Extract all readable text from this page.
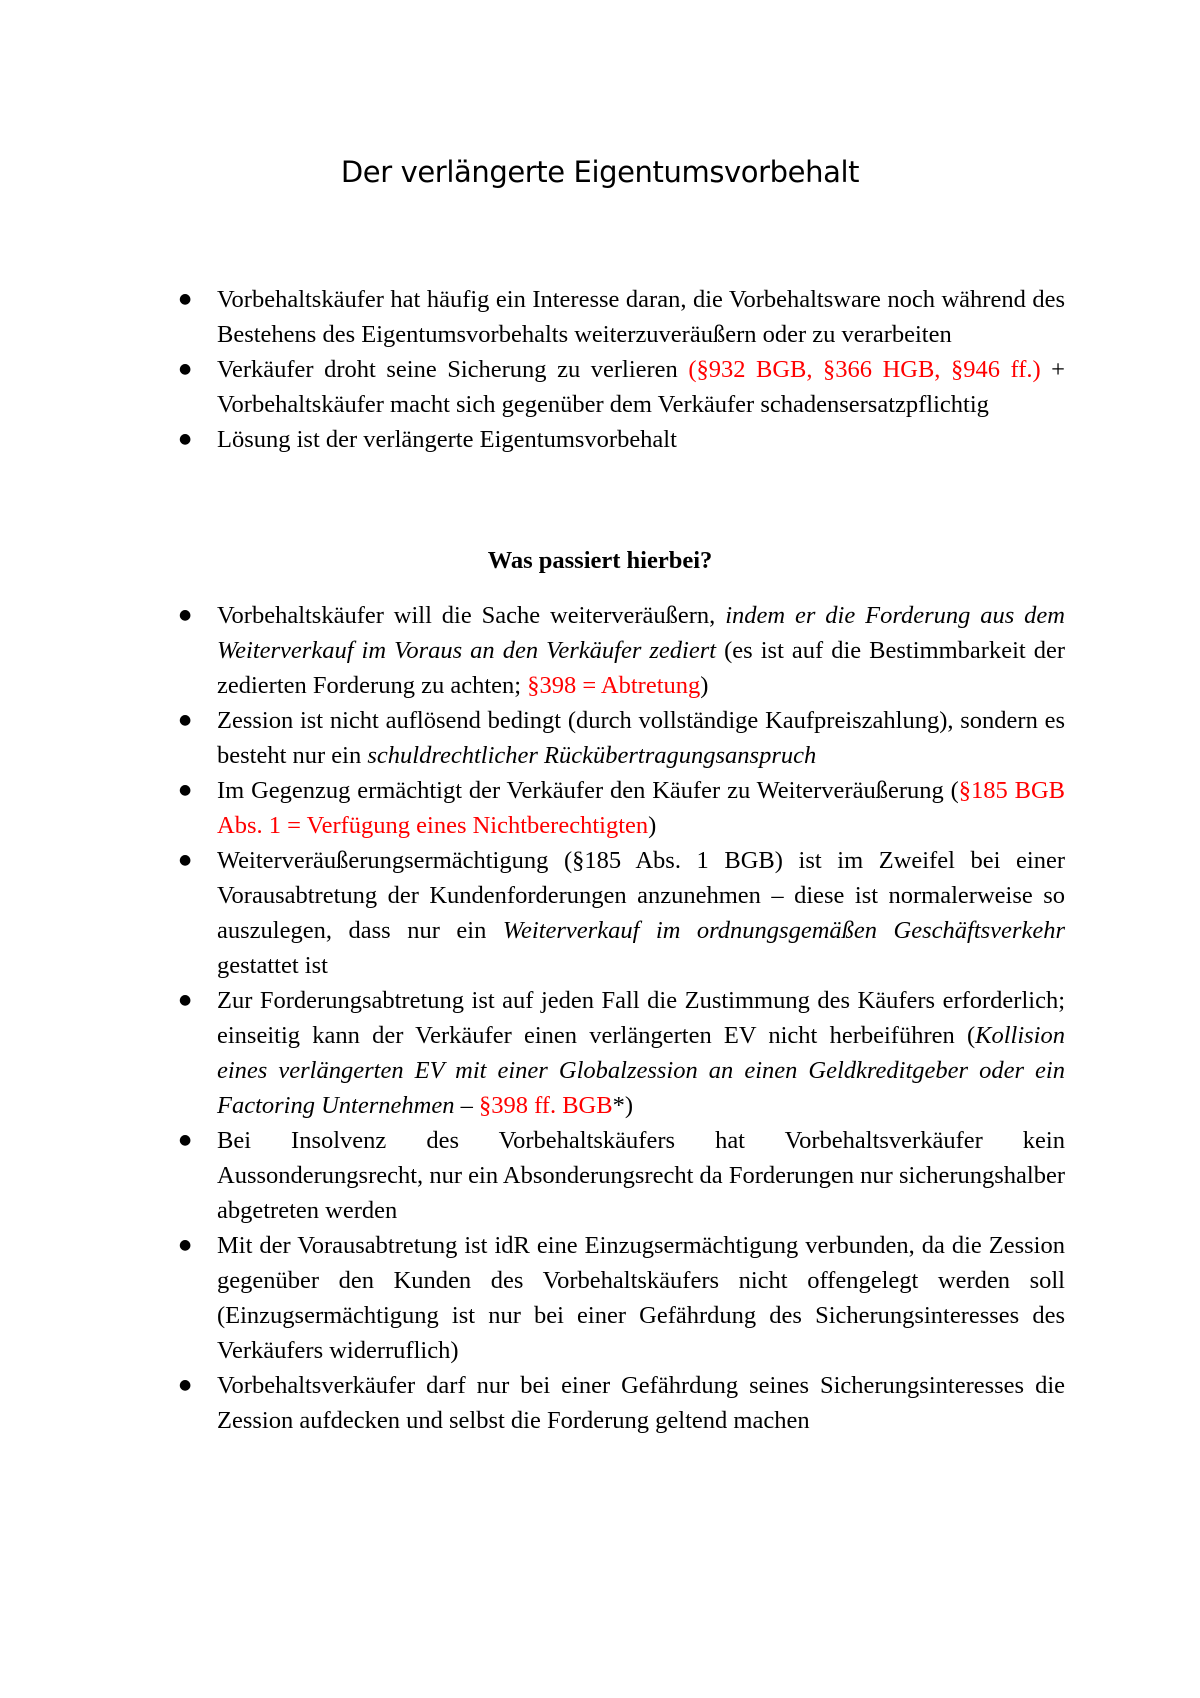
Der verlängerte Eigentumsvorbehalt
●	Vorbehaltskäufer hat häufig ein Interesse daran, die Vorbehaltsware noch während des Bestehens des Eigentumsvorbehalts weiterzuveräußern oder zu verarbeiten
●	Verkäufer droht seine Sicherung zu verlieren (§932 BGB, §366 HGB, §946 ff.) + Vorbehaltskäufer macht sich gegenüber dem Verkäufer schadensersatzpflichtig
●	Lösung ist der verlängerte Eigentumsvorbehalt
Was passiert hierbei?
●	Vorbehaltskäufer will die Sache weiterveräußern, indem er die Forderung aus dem Weiterverkauf im Voraus an den Verkäufer zediert (es ist auf die Bestimmbarkeit der zedierten Forderung zu achten; §398 = Abtretung)
●	Zession ist nicht auflösend bedingt (durch vollständige Kaufpreiszahlung), sondern es besteht nur ein schuldrechtlicher Rückübertragungsanspruch
●	Im Gegenzug ermächtigt der Verkäufer den Käufer zu Weiterveräußerung (§185 BGB Abs. 1 = Verfügung eines Nichtberechtigten)
●	Weiterveräußerungsermächtigung (§185 Abs. 1 BGB) ist im Zweifel bei einer Vorausabtretung der Kundenforderungen anzunehmen – diese ist normalerweise so auszulegen, dass nur ein Weiterverkauf im ordnungsgemäßen Geschäftsverkehr gestattet ist
●	Zur Forderungsabtretung ist auf jeden Fall die Zustimmung des Käufers erforderlich; einseitig kann der Verkäufer einen verlängerten EV nicht herbeiführen (Kollision eines verlängerten EV mit einer Globalzession an einen Geldkreditgeber oder ein Factoring Unternehmen – §398 ff. BGB*)
●	Bei Insolvenz des Vorbehaltskäufers hat Vorbehaltsverkäufer kein Aussonderungsrecht, nur ein Absonderungsrecht da Forderungen nur sicherungshalber abgetreten werden
●	Mit der Vorausabtretung ist idR eine Einzugsermächtigung verbunden, da die Zession gegenüber den Kunden des Vorbehaltskäufers nicht offengelegt werden soll (Einzugsermächtigung ist nur bei einer Gefährdung des Sicherungsinteresses des Verkäufers widerruflich)
●	Vorbehaltsverkäufer darf nur bei einer Gefährdung seines Sicherungsinteresses die Zession aufdecken und selbst die Forderung geltend machen
